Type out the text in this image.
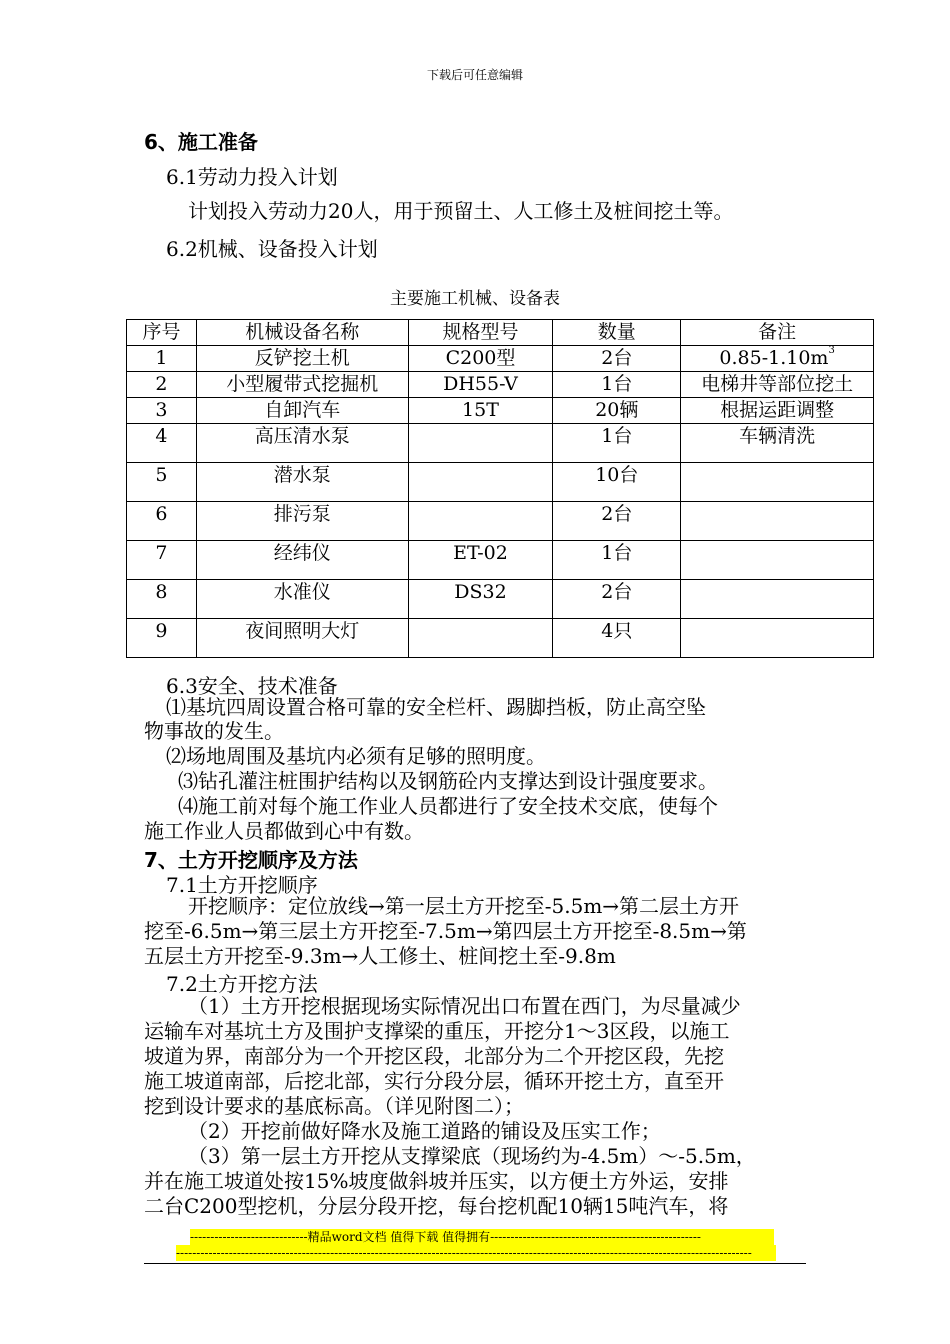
下载后可任意编辑
6、施工准备
6.1劳动力投入计划
计划投入劳动力20人，用于预留土、人工修土及桩间挖土等。
6.2机械、设备投入计划
主要施工机械、设备表
序号	机械设备名称	规格型号	数量	备注
1	反铲挖土机	C200型	2台	$0.85-1.10m^3$
2	小型履带式挖掘机	DH55-V	1台	电梯井等部位挖土
3	自卸汽车	15T	20辆	根据运距调整
4	高压清水泵		1台	车辆清洗
5	潜水泵		10台	
6	排污泵		2台	
7	经纬仪	ET-02	1台	
8	水准仪	DS32	2台	
9	夜间照明大灯		4只	
6.3安全、技术准备
⑴基坑四周设置合格可靠的安全栏杆、踢脚挡板，防止高空坠
物事故的发生。
⑵场地周围及基坑内必须有足够的照明度。
⑶钻孔灌注桩围护结构以及钢筋砼内支撑达到设计强度要求。
⑷施工前对每个施工作业人员都进行了安全技术交底，使每个
施工作业人员都做到心中有数。
7、土方开挖顺序及方法
7.1土方开挖顺序
开挖顺序：定位放线→第一层土方开挖至-5.5m→第二层土方开
挖至-6.5m→第三层土方开挖至-7.5m→第四层土方开挖至-8.5m→第
五层土方开挖至-9.3m→人工修土、桩间挖土至-9.8m
7.2土方开挖方法
（1）土方开挖根据现场实际情况出口布置在西门，为尽量减少
运输车对基坑土方及围护支撑梁的重压，开挖分1～3区段，以施工
坡道为界，南部分为一个开挖区段，北部分为二个开挖区段，先挖
施工坡道南部，后挖北部，实行分段分层，循环开挖土方，直至开
挖到设计要求的基底标高。（详见附图二）；
（2）开挖前做好降水及施工道路的铺设及压实工作；
（3）第一层土方开挖从支撑梁底（现场约为-4.5m）～-5.5m，
并在施工坡道处按15%坡度做斜坡并压实，以方便土方外运，安排
二台C200型挖机，分层分段开挖，每台挖机配10辆15吨汽车，将
-----------------------------精品word文档 值得下载 值得拥有----------------------------------------------------
----------------------------------------------------------------------------------------------------------------------------------------------
